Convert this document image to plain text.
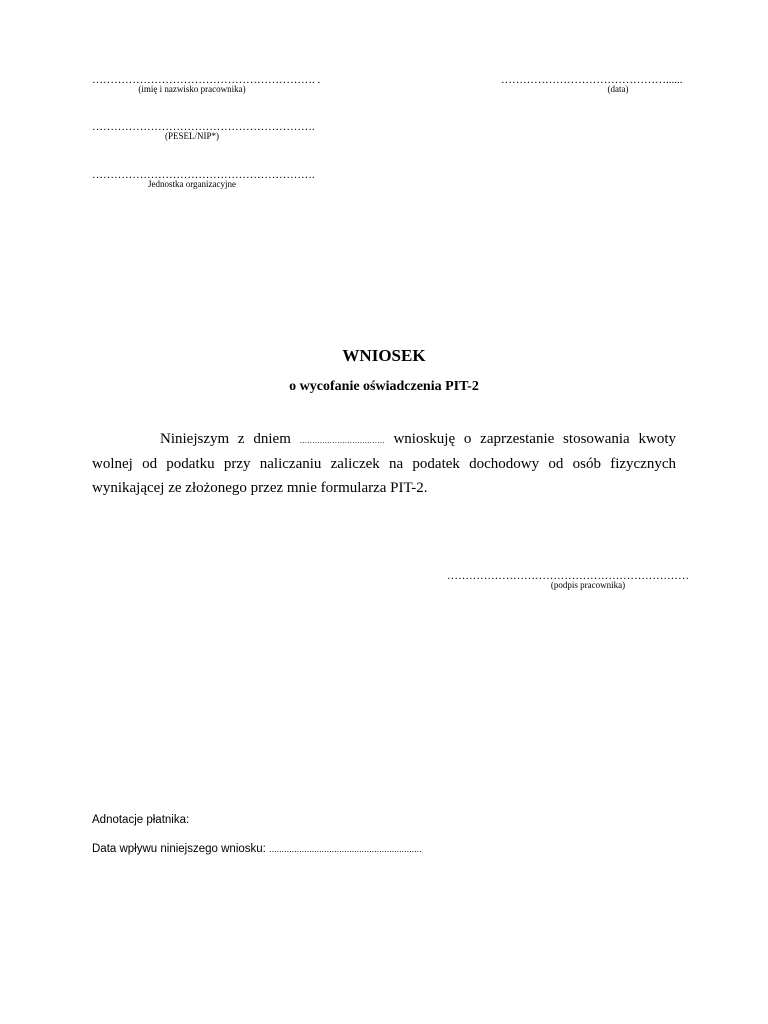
……………………………………………………. .
(imię i nazwisko pracownika)
………………………………………......
(data)
…………………………………………………….
(PESEL/NIP*)
…………………………………………………….
Jednostka organizacyjne
WNIOSEK
o wycofanie oświadczenia PIT-2
Niniejszym z dniem .................................. wnioskuję o zaprzestanie stosowania kwoty wolnej od podatku przy naliczaniu zaliczek na podatek dochodowy od osób fizycznych wynikającej ze złożonego przez mnie formularza PIT-2.
…………………………………………………………
(podpis pracownika)
Adnotacje płatnika:
Data wpływu niniejszego wniosku: .............................................................
